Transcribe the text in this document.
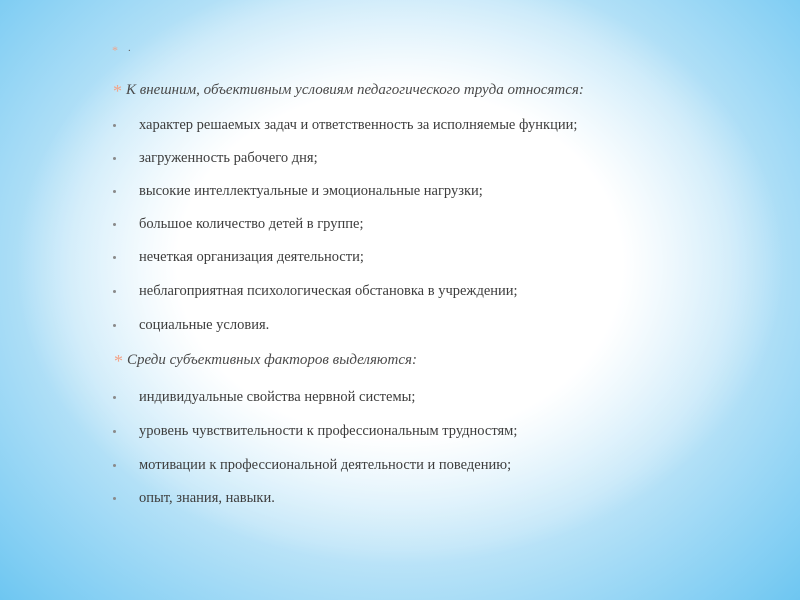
* .
* К внешним, объективным условиям педагогического труда относятся:
характер решаемых задач и ответственность за исполняемые функции;
загруженность рабочего дня;
высокие интеллектуальные и эмоциональные нагрузки;
большое количество детей в группе;
нечеткая организация деятельности;
неблагоприятная психологическая обстановка в учреждении;
социальные условия.
* Среди субъективных факторов выделяются:
индивидуальные свойства нервной системы;
уровень чувствительности к профессиональным трудностям;
мотивации к профессиональной деятельности и поведению;
опыт, знания, навыки.
